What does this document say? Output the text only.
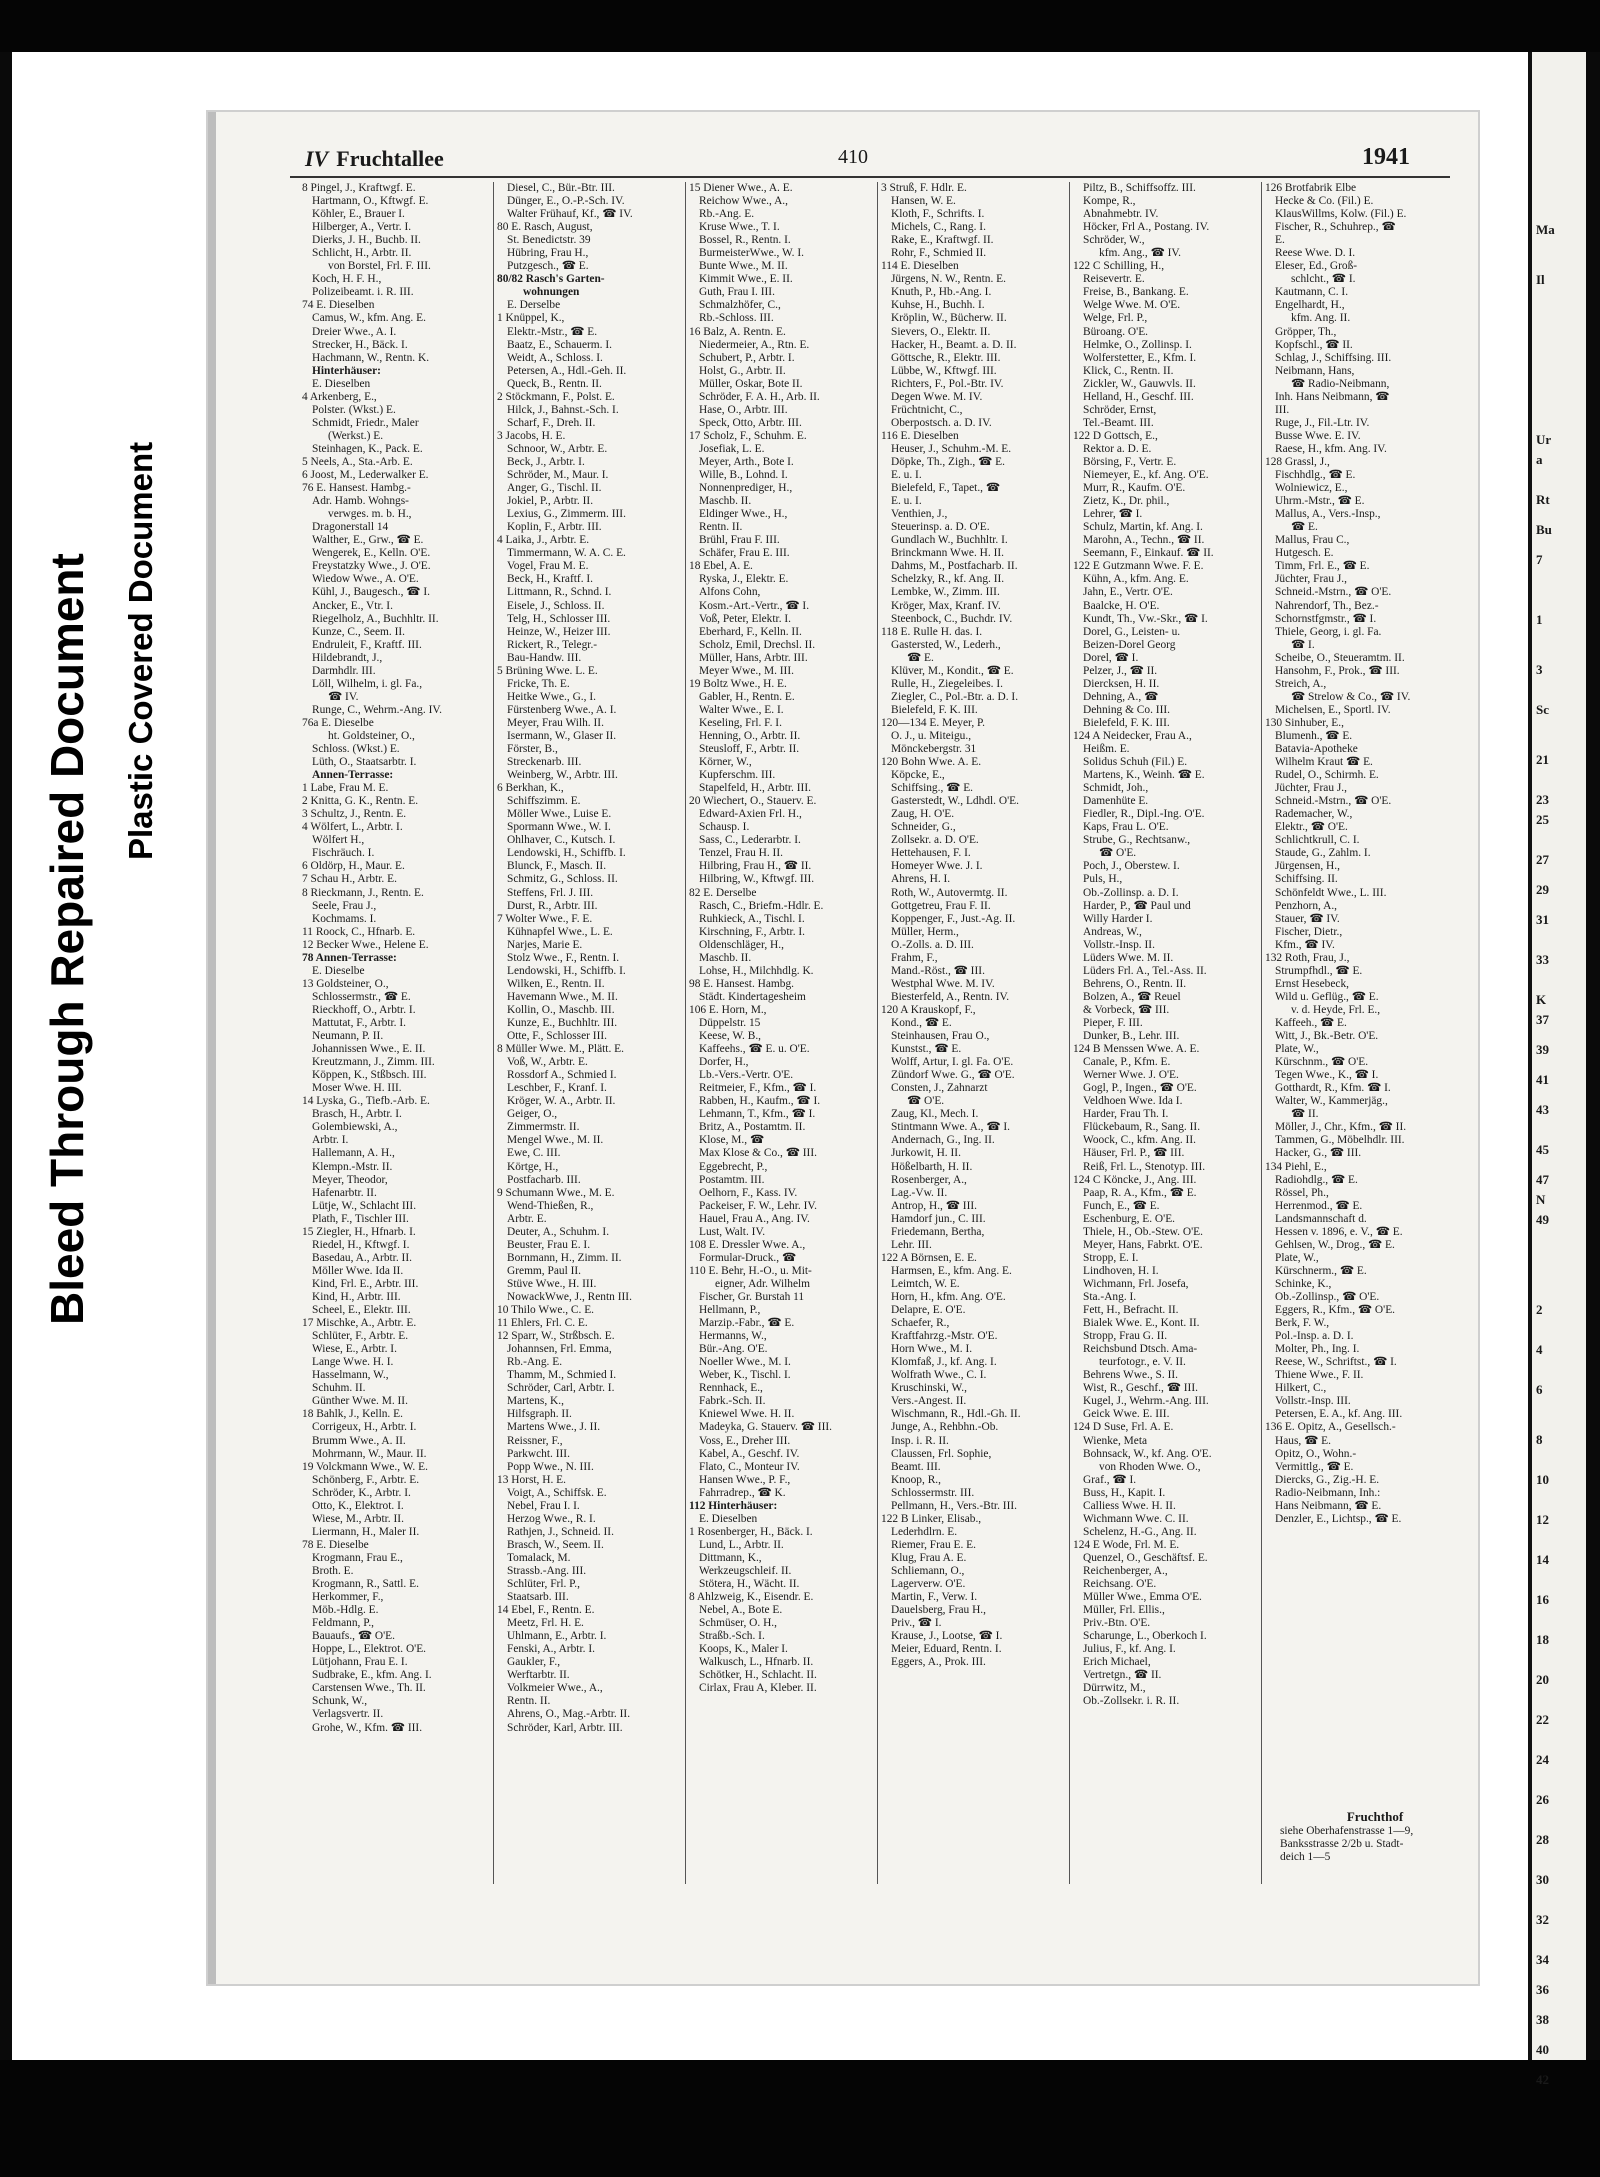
Bleed Through Repaired Document Plastic Covered Document
IV Fruchtallee	410	1941
8 Pingel, J., Kraftwgf. E.
Hartmann, O., Kftwgf. E.
Köhler, E., Brauer I.
Hilberger, A., Vertr. I.
Dierks, J. H., Buchb. II.
Schlicht, H., Arbtr. II.
von Borstel, Frl. F. III.
Koch, H. F. H.,
Polizeibeamt. i. R. III.
74 E. Dieselben
Camus, W., kfm. Ang. E.
Dreier Wwe., A. I.
Strecker, H., Bäck. I.
Hachmann, W., Rentn. K.
Hinterhäuser:
E. Dieselben
4 Arkenberg, E.,
Polster. (Wkst.) E.
Schmidt, Friedr., Maler
(Werkst.) E.
Steinhagen, K., Pack. E.
5 Neels, A., Sta.-Arb. E.
6 Joost, M., Lederwalker E.
76 E. Hansest. Hambg.-
Adr. Hamb. Wohngs-
verwges. m. b. H.,
Dragonerstall 14
Walther, E., Grw., ☎ E.
Wengerek, E., Kelln. O'E.
Freystatzky Wwe., J. O'E.
Wiedow Wwe., A. O'E.
Kühl, J., Baugesch., ☎ I.
Ancker, E., Vtr. I.
Riegelholz, A., Buchhltr. II.
Kunze, C., Seem. II.
Endruleit, F., Kraftf. III.
Hildebrandt, J.,
Darmhdlr. III.
Löll, Wilhelm, i. gl. Fa.,
☎ IV.
Runge, C., Wehrm.-Ang. IV.
76a E. Dieselbe
ht. Goldsteiner, O.,
Schloss. (Wkst.) E.
Lüth, O., Staatsarbtr. I.
Annen-Terrasse:
1 Labe, Frau M. E.
2 Knitta, G. K., Rentn. E.
3 Schultz, J., Rentn. E.
4 Wölfert, L., Arbtr. I.
Wölfert H.,
Fischräuch. I.
6 Oldörp, H., Maur. E.
7 Schau H., Arbtr. E.
8 Rieckmann, J., Rentn. E.
Seele, Frau J.,
Kochmams. I.
11 Roock, C., Hfnarb. E.
12 Becker Wwe., Helene E.
78 Annen-Terrasse:
E. Dieselbe
13 Goldsteiner, O.,
Schlossermstr., ☎ E.
Rieckhoff, O., Arbtr. I.
Mattutat, F., Arbtr. I.
Neumann, P. II.
Johannissen Wwe., E. II.
Kreutzmann, J., Zimm. III.
Köppen, K., Stßbsch. III.
Moser Wwe. H. III.
14 Lyska, G., Tiefb.-Arb. E.
Brasch, H., Arbtr. I.
Golembiewski, A.,
Arbtr. I.
Hallemann, A. H.,
Klempn.-Mstr. II.
Meyer, Theodor,
Hafenarbtr. II.
Lütje, W., Schlacht III.
Plath, F., Tischler III.
15 Ziegler, H., Hfnarb. I.
Riedel, H., Kftwgf. I.
Basedau, A., Arbtr. II.
Möller Wwe. Ida II.
Kind, Frl. E., Arbtr. III.
Kind, H., Arbtr. III.
Scheel, E., Elektr. III.
17 Mischke, A., Arbtr. E.
Schlüter, F., Arbtr. E.
Wiese, E., Arbtr. I.
Lange Wwe. H. I.
Hasselmann, W.,
Schuhm. II.
Günther Wwe. M. II.
18 Bahlk, J., Kelln. E.
Corrigeux, H., Arbtr. I.
Brumm Wwe., A. II.
Mohrmann, W., Maur. II.
19 Volckmann Wwe., W. E.
Schönberg, F., Arbtr. E.
Schröder, K., Arbtr. I.
Otto, K., Elektrot. I.
Wiese, M., Arbtr. II.
Liermann, H., Maler II.
78 E. Dieselbe
Krogmann, Frau E.,
Broth. E.
Krogmann, R., Sattl. E.
Herkommer, F.,
Möb.-Hdlg. E.
Feldmann, P.,
Bauaufs., ☎ O'E.
Hoppe, L., Elektrot. O'E.
Lütjohann, Frau E. I.
Sudbrake, E., kfm. Ang. I.
Carstensen Wwe., Th. II.
Schunk, W.,
Verlagsvertr. II.
Grohe, W., Kfm. ☎ III.
Diesel, C., Bür.-Btr. III.
Dünger, E., O.-P.-Sch. IV.
Walter Frühauf, Kf., ☎ IV.
80 E. Rasch, August,
St. Benedictstr. 39
Hübring, Frau H.,
Putzgesch., ☎ E.
80/82 Rasch's Garten-
wohnungen
E. Derselbe
1 Knüppel, K.,
Elektr.-Mstr., ☎ E.
Baatz, E., Schauerm. I.
Weidt, A., Schloss. I.
Petersen, A., Hdl.-Geh. II.
Queck, B., Rentn. II.
2 Stöckmann, F., Polst. E.
Hilck, J., Bahnst.-Sch. I.
Scharf, F., Dreh. II.
3 Jacobs, H. E.
Schnoor, W., Arbtr. E.
Beck, J., Arbtr. I.
Schröder, M., Maur. I.
Anger, G., Tischl. II.
Jokiel, P., Arbtr. II.
Lexius, G., Zimmerm. III.
Koplin, F., Arbtr. III.
4 Laika, J., Arbtr. E.
Timmermann, W. A. C. E.
Vogel, Frau M. E.
Beck, H., Kraftf. I.
Littmann, R., Schnd. I.
Eisele, J., Schloss. II.
Telg, H., Schlosser III.
Heinze, W., Heizer III.
Rickert, R., Telegr.-
Bau-Handw. III.
5 Brüning Wwe. L. E.
Fricke, Th. E.
Heitke Wwe., G., I.
Fürstenberg Wwe., A. I.
Meyer, Frau Wilh. II.
Isermann, W., Glaser II.
Förster, B.,
Streckenarb. III.
Weinberg, W., Arbtr. III.
6 Berkhan, K.,
Schiffszimm. E.
Möller Wwe., Luise E.
Spormann Wwe., W. I.
Ohlhaver, C., Kutsch. I.
Lendowski, H., Schiffb. I.
Blunck, F., Masch. II.
Schmitz, G., Schloss. II.
Steffens, Frl. J. III.
Durst, R., Arbtr. III.
7 Wolter Wwe., F. E.
Kühnapfel Wwe., L. E.
Narjes, Marie E.
Stolz Wwe., F., Rentn. I.
Lendowski, H., Schiffb. I.
Wilken, E., Rentn. II.
Havemann Wwe., M. II.
Kollin, O., Maschb. III.
Kunze, E., Buchhltr. III.
Otte, F., Schlosser III.
8 Müller Wwe. M., Plätt. E.
Voß, W., Arbtr. E.
Rossdorf A., Schmied I.
Leschber, F., Kranf. I.
Kröger, W. A., Arbtr. II.
Geiger, O.,
Zimmermstr. II.
Mengel Wwe., M. II.
Ewe, C. III.
Körtge, H.,
Postfacharb. III.
9 Schumann Wwe., M. E.
Wend-Thießen, R.,
Arbtr. E.
Deuter, A., Schuhm. I.
Beuster, Frau E. I.
Bornmann, H., Zimm. II.
Gremm, Paul II.
Stüve Wwe., H. III.
NowackWwe, J., Rentn III.
10 Thilo Wwe., C. E.
11 Ehlers, Frl. C. E.
12 Sparr, W., Strßbsch. E.
Johannsen, Frl. Emma,
Rb.-Ang. E.
Thamm, M., Schmied I.
Schröder, Carl, Arbtr. I.
Martens, K.,
Hilfsgraph. II.
Martens Wwe., J. II.
Reissner, F.,
Parkwcht. III.
Popp Wwe., N. III.
13 Horst, H. E.
Voigt, A., Schiffsk. E.
Nebel, Frau I. I.
Herzog Wwe., R. I.
Rathjen, J., Schneid. II.
Brasch, W., Seem. II.
Tomalack, M.
Strassb.-Ang. III.
Schlüter, Frl. P.,
Staatsarb. III.
14 Ebel, F., Rentn. E.
Meetz, Frl. H. E.
Uhlmann, E., Arbtr. I.
Fenski, A., Arbtr. I.
Gaukler, F.,
Werftarbtr. II.
Volkmeier Wwe., A.,
Rentn. II.
Ahrens, O., Mag.-Arbtr. II.
Schröder, Karl, Arbtr. III.
15 Diener Wwe., A. E.
Reichow Wwe., A.,
Rb.-Ang. E.
Kruse Wwe., T. I.
Bossel, R., Rentn. I.
BurmeisterWwe., W. I.
Bunte Wwe., M. II.
Kimmit Wwe., E. II.
Guth, Frau I. III.
Schmalzhöfer, C.,
Rb.-Schloss. III.
16 Balz, A. Rentn. E.
Niedermeier, A., Rtn. E.
Schubert, P., Arbtr. I.
Holst, G., Arbtr. II.
Müller, Oskar, Bote II.
Schröder, F. A. H., Arb. II.
Hase, O., Arbtr. III.
Speck, Otto, Arbtr. III.
17 Scholz, F., Schuhm. E.
Josefiak, L. E.
Meyer, Arth., Bote I.
Wille, B., Lohnd. I.
Nonnenprediger, H.,
Maschb. II.
Eldinger Wwe., H.,
Rentn. II.
Brühl, Frau F. III.
Schäfer, Frau E. III.
18 Ebel, A. E.
Ryska, J., Elektr. E.
Alfons Cohn,
Kosm.-Art.-Vertr., ☎ I.
Voß, Peter, Elektr. I.
Eberhard, F., Kelln. II.
Scholz, Emil, Drechsl. II.
Müller, Hans, Arbtr. III.
Meyer Wwe., M. III.
19 Boltz Wwe., H. E.
Gabler, H., Rentn. E.
Walter Wwe., E. I.
Keseling, Frl. F. I.
Henning, O., Arbtr. II.
Steusloff, F., Arbtr. II.
Körner, W.,
Kupferschm. III.
Stapelfeld, H., Arbtr. III.
20 Wiechert, O., Stauerv. E.
Edward-Axien Frl. H.,
Schausp. I.
Sass, C., Lederarbtr. I.
Tenzel, Frau H. II.
Hilbring, Frau H., ☎ II.
Hilbring, W., Kftwgf. III.
82 E. Derselbe
Rasch, C., Briefm.-Hdlr. E.
Ruhkieck, A., Tischl. I.
Kirschning, F., Arbtr. I.
Oldenschläger, H.,
Maschb. II.
Lohse, H., Milchhdlg. K.
98 E. Hansest. Hambg.
Städt. Kindertagesheim
106 E. Horn, M.,
Düppelstr. 15
Keese, W. B.,
Kaffeehs., ☎ E. u. O'E.
Dorfer, H.,
Lb.-Vers.-Vertr. O'E.
Reitmeier, F., Kfm., ☎ I.
Rabben, H., Kaufm., ☎ I.
Lehmann, T., Kfm., ☎ I.
Britz, A., Postamtm. II.
Klose, M., ☎
Max Klose & Co., ☎ III.
Eggebrecht, P.,
Postamtm. III.
Oelhorn, F., Kass. IV.
Packeiser, F. W., Lehr. IV.
Hauel, Frau A., Ang. IV.
Lust, Walt. IV.
108 E. Dressler Wwe. A.,
Formular-Druck., ☎
110 E. Behr, H.-O., u. Mit-
eigner, Adr. Wilhelm
Fischer, Gr. Burstah 11
Hellmann, P.,
Marzip.-Fabr., ☎ E.
Hermanns, W.,
Bür.-Ang. O'E.
Noeller Wwe., M. I.
Weber, K., Tischl. I.
Rennhack, E.,
Fabrk.-Sch. II.
Kniewel Wwe. H. II.
Madeyka, G. Stauerv. ☎ III.
Voss, E., Dreher III.
Kabel, A., Geschf. IV.
Flato, C., Monteur IV.
Hansen Wwe., P. F.,
Fahrradrep., ☎ K.
112 Hinterhäuser:
E. Dieselben
1 Rosenberger, H., Bäck. I.
Lund, L., Arbtr. II.
Dittmann, K.,
Werkzeugschleif. II.
Stötera, H., Wächt. II.
8 Ahlzweig, K., Eisendr. E.
Nebel, A., Bote E.
Schmüser, O. H.,
Straßb.-Sch. I.
Koops, K., Maler I.
Walkusch, L., Hfnarb. II.
Schötker, H., Schlacht. II.
Cirlax, Frau A, Kleber. II.
3 Struß, F. Hdlr. E.
Hansen, W. E.
Kloth, F., Schrifts. I.
Michels, C., Rang. I.
Rake, E., Kraftwgf. II.
Rohr, F., Schmied II.
114 E. Dieselben
Jürgens, N. W., Rentn. E.
Knuth, P., Hb.-Ang. I.
Kuhse, H., Buchh. I.
Kröplin, W., Bücherw. II.
Sievers, O., Elektr. II.
Hacker, H., Beamt. a. D. II.
Göttsche, R., Elektr. III.
Lübbe, W., Kftwgf. III.
Richters, F., Pol.-Btr. IV.
Degen Wwe. M. IV.
Früchtnicht, C.,
Oberpostsch. a. D. IV.
116 E. Dieselben
Heuser, J., Schuhm.-M. E.
Döpke, Th., Zigh., ☎ E.
E. u. I.
Bielefeld, F., Tapet., ☎
E. u. I.
Venthien, J.,
Steuerinsp. a. D. O'E.
Gundlach W., Buchhltr. I.
Brinckmann Wwe. H. II.
Dahms, M., Postfacharb. II.
Schelzky, R., kf. Ang. II.
Lembke, W., Zimm. III.
Kröger, Max, Kranf. IV.
Steenbock, C., Buchdr. IV.
118 E. Rulle H. das. I.
Gastersted, W., Lederh.,
☎ E.
Klüver, M., Kondit., ☎ E.
Rulle, H., Ziegeleibes. I.
Ziegler, C., Pol.-Btr. a. D. I.
Bielefeld, F. K. III.
120—134 E. Meyer, P.
O. J., u. Miteigu.,
Mönckebergstr. 31
120 Bohn Wwe. A. E.
Köpcke, E.,
Schiffsing., ☎ E.
Gasterstedt, W., Ldhdl. O'E.
Zaug, H. O'E.
Schneider, G.,
Zollsekr. a. D. O'E.
Hettehausen, F. I.
Homeyer Wwe. J. I.
Ahrens, H. I.
Roth, W., Autovermtg. II.
Gottgetreu, Frau F. II.
Koppenger, F., Just.-Ag. II.
Müller, Herm.,
O.-Zolls. a. D. III.
Frahm, F.,
Mand.-Röst., ☎ III.
Westphal Wwe. M. IV.
Biesterfeld, A., Rentn. IV.
120 A Krauskopf, F.,
Kond., ☎ E.
Steinhausen, Frau O.,
Kunstst., ☎ E.
Wolff, Artur, I. gl. Fa. O'E.
Zündorf Wwe. G., ☎ O'E.
Consten, J., Zahnarzt
☎ O'E.
Zaug, Kl., Mech. I.
Stintmann Wwe. A., ☎ I.
Andernach, G., Ing. II.
Jurkowit, H. II.
Hößelbarth, H. II.
Rosenberger, A.,
Lag.-Vw. II.
Antrop, H., ☎ III.
Hamdorf jun., C. III.
Friedemann, Bertha,
Lehr. III.
122 A Börnsen, E. E.
Harmsen, E., kfm. Ang. E.
Leimtch, W. E.
Horn, H., kfm. Ang. O'E.
Delapre, E. O'E.
Schaefer, R.,
Kraftfahrzg.-Mstr. O'E.
Horn Wwe., M. I.
Klomfaß, J., kf. Ang. I.
Wolfrath Wwe., C. I.
Kruschinski, W.,
Vers.-Angest. II.
Wischmann, R., Hdl.-Gh. II.
Junge, A., Rehbhn.-Ob.
Insp. i. R. II.
Claussen, Frl. Sophie,
Beamt. III.
Knoop, R.,
Schlossermstr. III.
Pellmann, H., Vers.-Btr. III.
122 B Linker, Elisab.,
Lederhdlrn. E.
Riemer, Frau E. E.
Klug, Frau A. E.
Schliemann, O.,
Lagerverw. O'E.
Martin, F., Verw. I.
Dauelsberg, Frau H.,
Priv., ☎ I.
Krause, J., Lootse, ☎ I.
Meier, Eduard, Rentn. I.
Eggers, A., Prok. III.
Piltz, B., Schiffsoffz. III.
Kompe, R.,
Abnahmebtr. IV.
Höcker, Frl A., Postang. IV.
Schröder, W.,
kfm. Ang., ☎ IV.
122 C Schilling, H.,
Reisevertr. E.
Freise, B., Bankang. E.
Welge Wwe. M. O'E.
Welge, Frl. P.,
Büroang. O'E.
Helmke, O., Zollinsp. I.
Wolferstetter, E., Kfm. I.
Klick, C., Rentn. II.
Zickler, W., Gauwvls. II.
Helland, H., Geschf. III.
Schröder, Ernst,
Tel.-Beamt. III.
122 D Gottsch, E.,
Rektor a. D. E.
Börsing, F., Vertr. E.
Niemeyer, E., kf. Ang. O'E.
Murr, R., Kaufm. O'E.
Zietz, K., Dr. phil.,
Lehrer, ☎ I.
Schulz, Martin, kf. Ang. I.
Marohn, A., Techn., ☎ II.
Seemann, F., Einkauf. ☎ II.
122 E Gutzmann Wwe. F. E.
Kühn, A., kfm. Ang. E.
Jahn, E., Vertr. O'E.
Baalcke, H. O'E.
Kundt, Th., Vw.-Skr., ☎ I.
Dorel, G., Leisten- u.
Beizen-Dorel Georg
Dorel, ☎ I.
Pelzer, J., ☎ II.
Diercksen, H. II.
Dehning, A., ☎
Dehning & Co. III.
Bielefeld, F. K. III.
124 A Neidecker, Frau A.,
Heißm. E.
Solidus Schuh (Fil.) E.
Martens, K., Weinh. ☎ E.
Schmidt, Joh.,
Damenhüte E.
Fiedler, R., Dipl.-Ing. O'E.
Kaps, Frau L. O'E.
Strube, G., Rechtsanw.,
☎ O'E.
Poch, J., Oberstew. I.
Puls, H.,
Ob.-Zollinsp. a. D. I.
Harder, P., ☎ Paul und
Willy Harder I.
Andreas, W.,
Vollstr.-Insp. II.
Lüders Wwe. M. II.
Lüders Frl. A., Tel.-Ass. II.
Behrens, O., Rentn. II.
Bolzen, A., ☎ Reuel
& Vorbeck, ☎ III.
Pieper, F. III.
Dunker, B., Lehr. III.
124 B Menssen Wwe. A. E.
Canale, P., Kfm. E.
Werner Wwe. J. O'E.
Gogl, P., Ingen., ☎ O'E.
Veldhoen Wwe. Ida I.
Harder, Frau Th. I.
Flückebaum, R., Sang. II.
Woock, C., kfm. Ang. II.
Häuser, Frl. P., ☎ III.
Reiß, Frl. L., Stenotyp. III.
124 C Köncke, J., Ang. III.
Paap, R. A., Kfm., ☎ E.
Funch, E., ☎ E.
Eschenburg, E. O'E.
Thiele, H., Ob.-Stew. O'E.
Meyer, Hans, Fabrkt. O'E.
Stropp, E. I.
Lindhoven, H. I.
Wichmann, Frl. Josefa,
Sta.-Ang. I.
Fett, H., Befracht. II.
Bialek Wwe. E., Kont. II.
Stropp, Frau G. II.
Reichsbund Dtsch. Ama-
teurfotogr., e. V. II.
Behrens Wwe., S. II.
Wist, R., Geschf., ☎ III.
Kugel, J., Wehrm.-Ang. III.
Geick Wwe. E. III.
124 D Suse, Frl. A. E.
Wienke, Meta
Bohnsack, W., kf. Ang. O'E.
von Rhoden Wwe. O.,
Graf., ☎ I.
Buss, H., Kapit. I.
Calliess Wwe. H. II.
Wichmann Wwe. C. II.
Schelenz, H.-G., Ang. II.
124 E Wode, Frl. M. E.
Quenzel, O., Geschäftsf. E.
Reichenberger, A.,
Reichsang. O'E.
Müller Wwe., Emma O'E.
Müller, Frl. Ellis.,
Priv.-Btn. O'E.
Scharunge, L., Oberkoch I.
Julius, F., kf. Ang. I.
Erich Michael,
Vertretgn., ☎ II.
Dürrwitz, M.,
Ob.-Zollsekr. i. R. II.
126 Brotfabrik Elbe
Hecke & Co. (Fil.) E.
KlausWillms, Kolw. (Fil.) E.
Fischer, R., Schuhrep., ☎
E.
Reese Wwe. D. I.
Eleser, Ed., Groß-
schlcht., ☎ I.
Kautmann, C. I.
Engelhardt, H.,
kfm. Ang. II.
Gröpper, Th.,
Kopfschl., ☎ II.
Schlag, J., Schiffsing. III.
Neibmann, Hans,
☎ Radio-Neibmann,
Inh. Hans Neibmann, ☎
III.
Ruge, J., Fil.-Ltr. IV.
Busse Wwe. E. IV.
Raese, H., kfm. Ang. IV.
128 Grassl, J.,
Fischhdlg., ☎ E.
Wolniewicz, E.,
Uhrm.-Mstr., ☎ E.
Mallus, A., Vers.-Insp.,
☎ E.
Mallus, Frau C.,
Hutgesch. E.
Timm, Frl. E., ☎ E.
Jüchter, Frau J.,
Schneid.-Mstrn., ☎ O'E.
Nahrendorf, Th., Bez.-
Schornstfgmstr., ☎ I.
Thiele, Georg, i. gl. Fa.
☎ I.
Scheibe, O., Steueramtm. II.
Hansohm, F., Prok., ☎ III.
Streich, A.,
☎ Strelow & Co., ☎ IV.
Michelsen, E., Sportl. IV.
130 Sinhuber, E.,
Blumenh., ☎ E.
Batavia-Apotheke
Wilhelm Kraut ☎ E.
Rudel, O., Schirmh. E.
Jüchter, Frau J.,
Schneid.-Mstrn., ☎ O'E.
Rademacher, W.,
Elektr., ☎ O'E.
Schlichtkrull, C. I.
Staude, G., Zahlm. I.
Jürgensen, H.,
Schiffsing. II.
Schönfeldt Wwe., L. III.
Penzhorn, A.,
Stauer, ☎ IV.
Fischer, Dietr.,
Kfm., ☎ IV.
132 Roth, Frau, J.,
Strumpfhdl., ☎ E.
Ernst Hesebeck,
Wild u. Geflüg., ☎ E.
v. d. Heyde, Frl. E.,
Kaffeeh., ☎ E.
Witt, J., Bk.-Betr. O'E.
Plate, W.,
Kürschnm., ☎ O'E.
Tegen Wwe., K., ☎ I.
Gotthardt, R., Kfm. ☎ I.
Walter, W., Kammerjäg.,
☎ II.
Möller, J., Chr., Kfm., ☎ II.
Tammen, G., Möbelhdlr. III.
Hacker, G., ☎ III.
134 Piehl, E.,
Radiohdlg., ☎ E.
Rössel, Ph.,
Herrenmod., ☎ E.
Landsmannschaft d.
Hessen v. 1896, e. V., ☎ E.
Gehlsen, W., Drog., ☎ E.
Plate, W.,
Kürschnerm., ☎ E.
Schinke, K.,
Ob.-Zollinsp., ☎ O'E.
Eggers, R., Kfm., ☎ O'E.
Berk, F. W.,
Pol.-Insp. a. D. I.
Molter, Ph., Ing. I.
Reese, W., Schriftst., ☎ I.
Thiene Wwe., F. II.
Hilkert, C.,
Vollstr.-Insp. III.
Petersen, E. A., kf. Ang. III.
136 E. Opitz, A., Gesellsch.-
Haus, ☎ E.
Opitz, O., Wohn.-
Vermittlg., ☎ E.
Diercks, G., Zig.-H. E.
Radio-Neibmann, Inh.:
Hans Neibmann, ☎ E.
Denzler, E., Lichtsp., ☎ E.
Fruchthof
siehe Oberhafenstrasse 1—9,
Banksstrasse 2/2b u. Stadt-
deich 1—5
Ma
Il
Ur
a
Rt
Bu
7
1
3
Sc
21
23
25
27
29
31
33
K
37
39
41
43
45
47
N
49
2
4
6
8
10
12
14
16
18
20
22
24
26
28
30
32
34
36
38
40
42
